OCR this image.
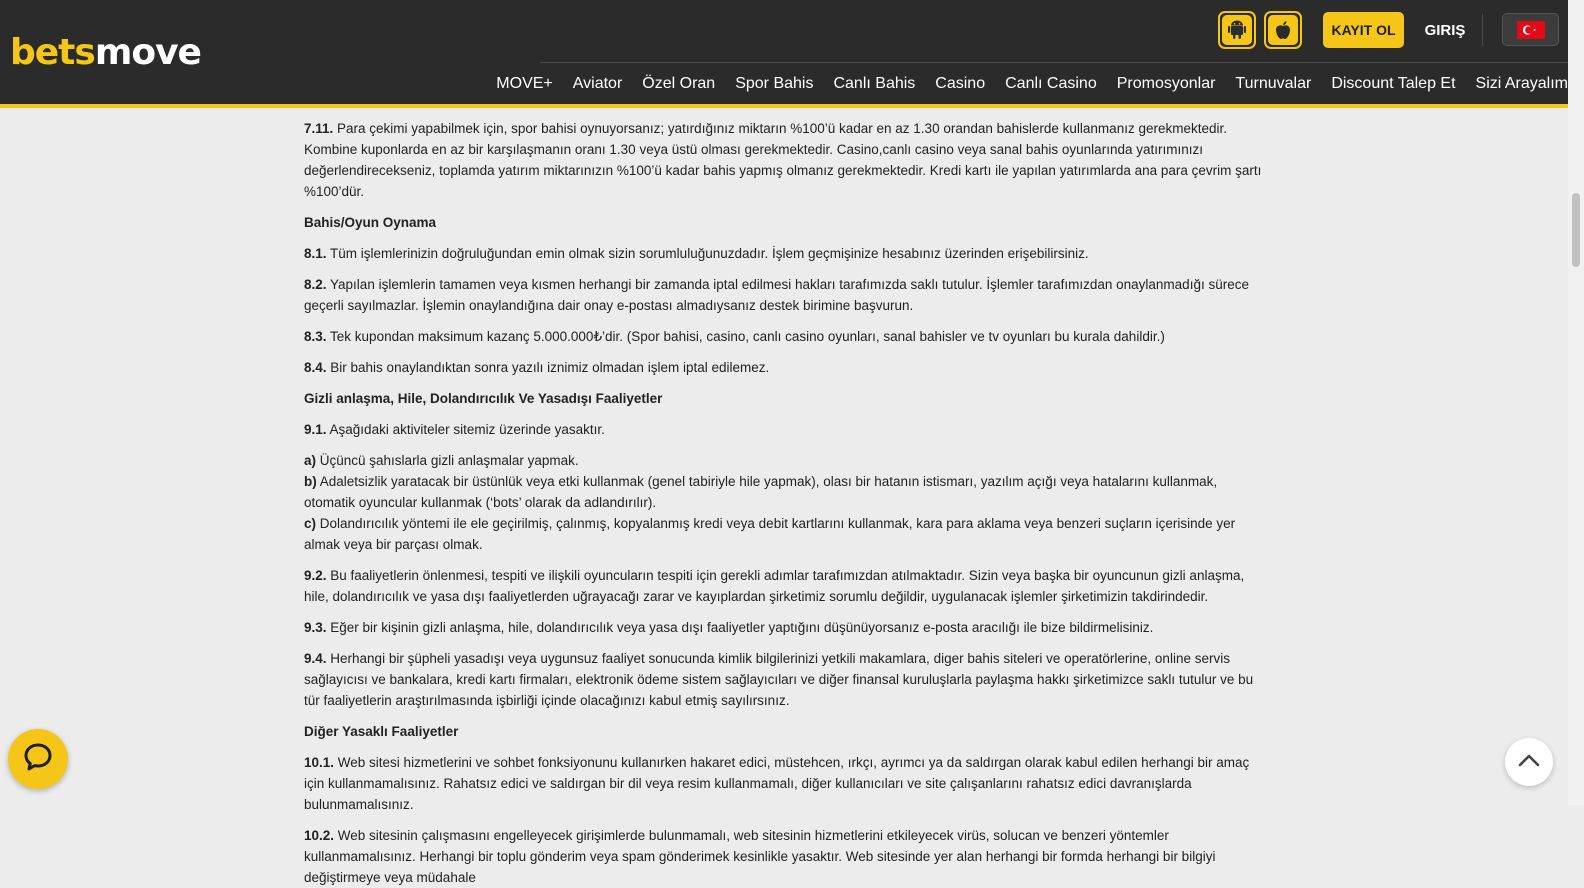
betsmove
KAYIT OL	GIRIŞ
MOVE+ Aviator Özel Oran Spor Bahis Canlı Bahis Casino Canlı Casino Promosyonlar Turnuvalar Discount Talep Et Sizi Arayalım
7.11. Para çekimi yapabilmek için, spor bahisi oynuyorsanız; yatırdığınız miktarın %100’ü kadar en az 1.30 orandan bahislerde kullanmanız gerekmektedir. Kombine kuponlarda en az bir karşılaşmanın oranı 1.30 veya üstü olması gerekmektedir. Casino,canlı casino veya sanal bahis oyunlarında yatırımınızı değerlendirecekseniz, toplamda yatırım miktarınızın %100’ü kadar bahis yapmış olmanız gerekmektedir. Kredi kartı ile yapılan yatırımlarda ana para çevrim şartı %100’dür.
Bahis/Oyun Oynama
8.1. Tüm işlemlerinizin doğruluğundan emin olmak sizin sorumluluğunuzdadır. İşlem geçmişinize hesabınız üzerinden erişebilirsiniz.
8.2. Yapılan işlemlerin tamamen veya kısmen herhangi bir zamanda iptal edilmesi hakları tarafımızda saklı tutulur. İşlemler tarafımızdan onaylanmadığı sürece geçerli sayılmazlar. İşlemin onaylandığına dair onay e-postası almadıysanız destek birimine başvurun.
8.3. Tek kupondan maksimum kazanç 5.000.000₺’dir. (Spor bahisi, casino, canlı casino oyunları, sanal bahisler ve tv oyunları bu kurala dahildir.)
8.4. Bir bahis onaylandıktan sonra yazılı iznimiz olmadan işlem iptal edilemez.
Gizli anlaşma, Hile, Dolandırıcılık Ve Yasadışı Faaliyetler
9.1. Aşağıdaki aktiviteler sitemiz üzerinde yasaktır.
a) Üçüncü şahıslarla gizli anlaşmalar yapmak.
b) Adaletsizlik yaratacak bir üstünlük veya etki kullanmak (genel tabiriyle hile yapmak), olası bir hatanın istismarı, yazılım açığı veya hatalarını kullanmak, otomatik oyuncular kullanmak (‘bots’ olarak da adlandırılır).
c) Dolandırıcılık yöntemi ile ele geçirilmiş, çalınmış, kopyalanmış kredi veya debit kartlarını kullanmak, kara para aklama veya benzeri suçların içerisinde yer almak veya bir parçası olmak.
9.2. Bu faaliyetlerin önlenmesi, tespiti ve ilişkili oyuncuların tespiti için gerekli adımlar tarafımızdan atılmaktadır. Sizin veya başka bir oyuncunun gizli anlaşma, hile, dolandırıcılık ve yasa dışı faaliyetlerden uğrayacağı zarar ve kayıplardan şirketimiz sorumlu değildir, uygulanacak işlemler şirketimizin takdirindedir.
9.3. Eğer bir kişinin gizli anlaşma, hile, dolandırıcılık veya yasa dışı faaliyetler yaptığını düşünüyorsanız e-posta aracılığı ile bize bildirmelisiniz.
9.4. Herhangi bir şüpheli yasadışı veya uygunsuz faaliyet sonucunda kimlik bilgilerinizi yetkili makamlara, diger bahis siteleri ve operatörlerine, online servis sağlayıcısı ve bankalara, kredi kartı firmaları, elektronik ödeme sistem sağlayıcıları ve diğer finansal kuruluşlarla paylaşma hakkı şirketimizce saklı tutulur ve bu tür faaliyetlerin araştırılmasında işbirliği içinde olacağınızı kabul etmiş sayılırsınız.
Diğer Yasaklı Faaliyetler
10.1. Web sitesi hizmetlerini ve sohbet fonksiyonunu kullanırken hakaret edici, müstehcen, ırkçı, ayrımcı ya da saldırgan olarak kabul edilen herhangi bir amaç için kullanmamalısınız. Rahatsız edici ve saldırgan bir dil veya resim kullanmamalı, diğer kullanıcıları ve site çalışanlarını rahatsız edici davranışlarda bulunmamalısınız.
10.2. Web sitesinin çalışmasını engelleyecek girişimlerde bulunmamalı, web sitesinin hizmetlerini etkileyecek virüs, solucan ve benzeri yöntemler kullanmamalısınız. Herhangi bir toplu gönderim veya spam gönderimek kesinlikle yasaktır. Web sitesinde yer alan herhangi bir formda herhangi bir bilgiyi değiştirmeye veya müdahale
